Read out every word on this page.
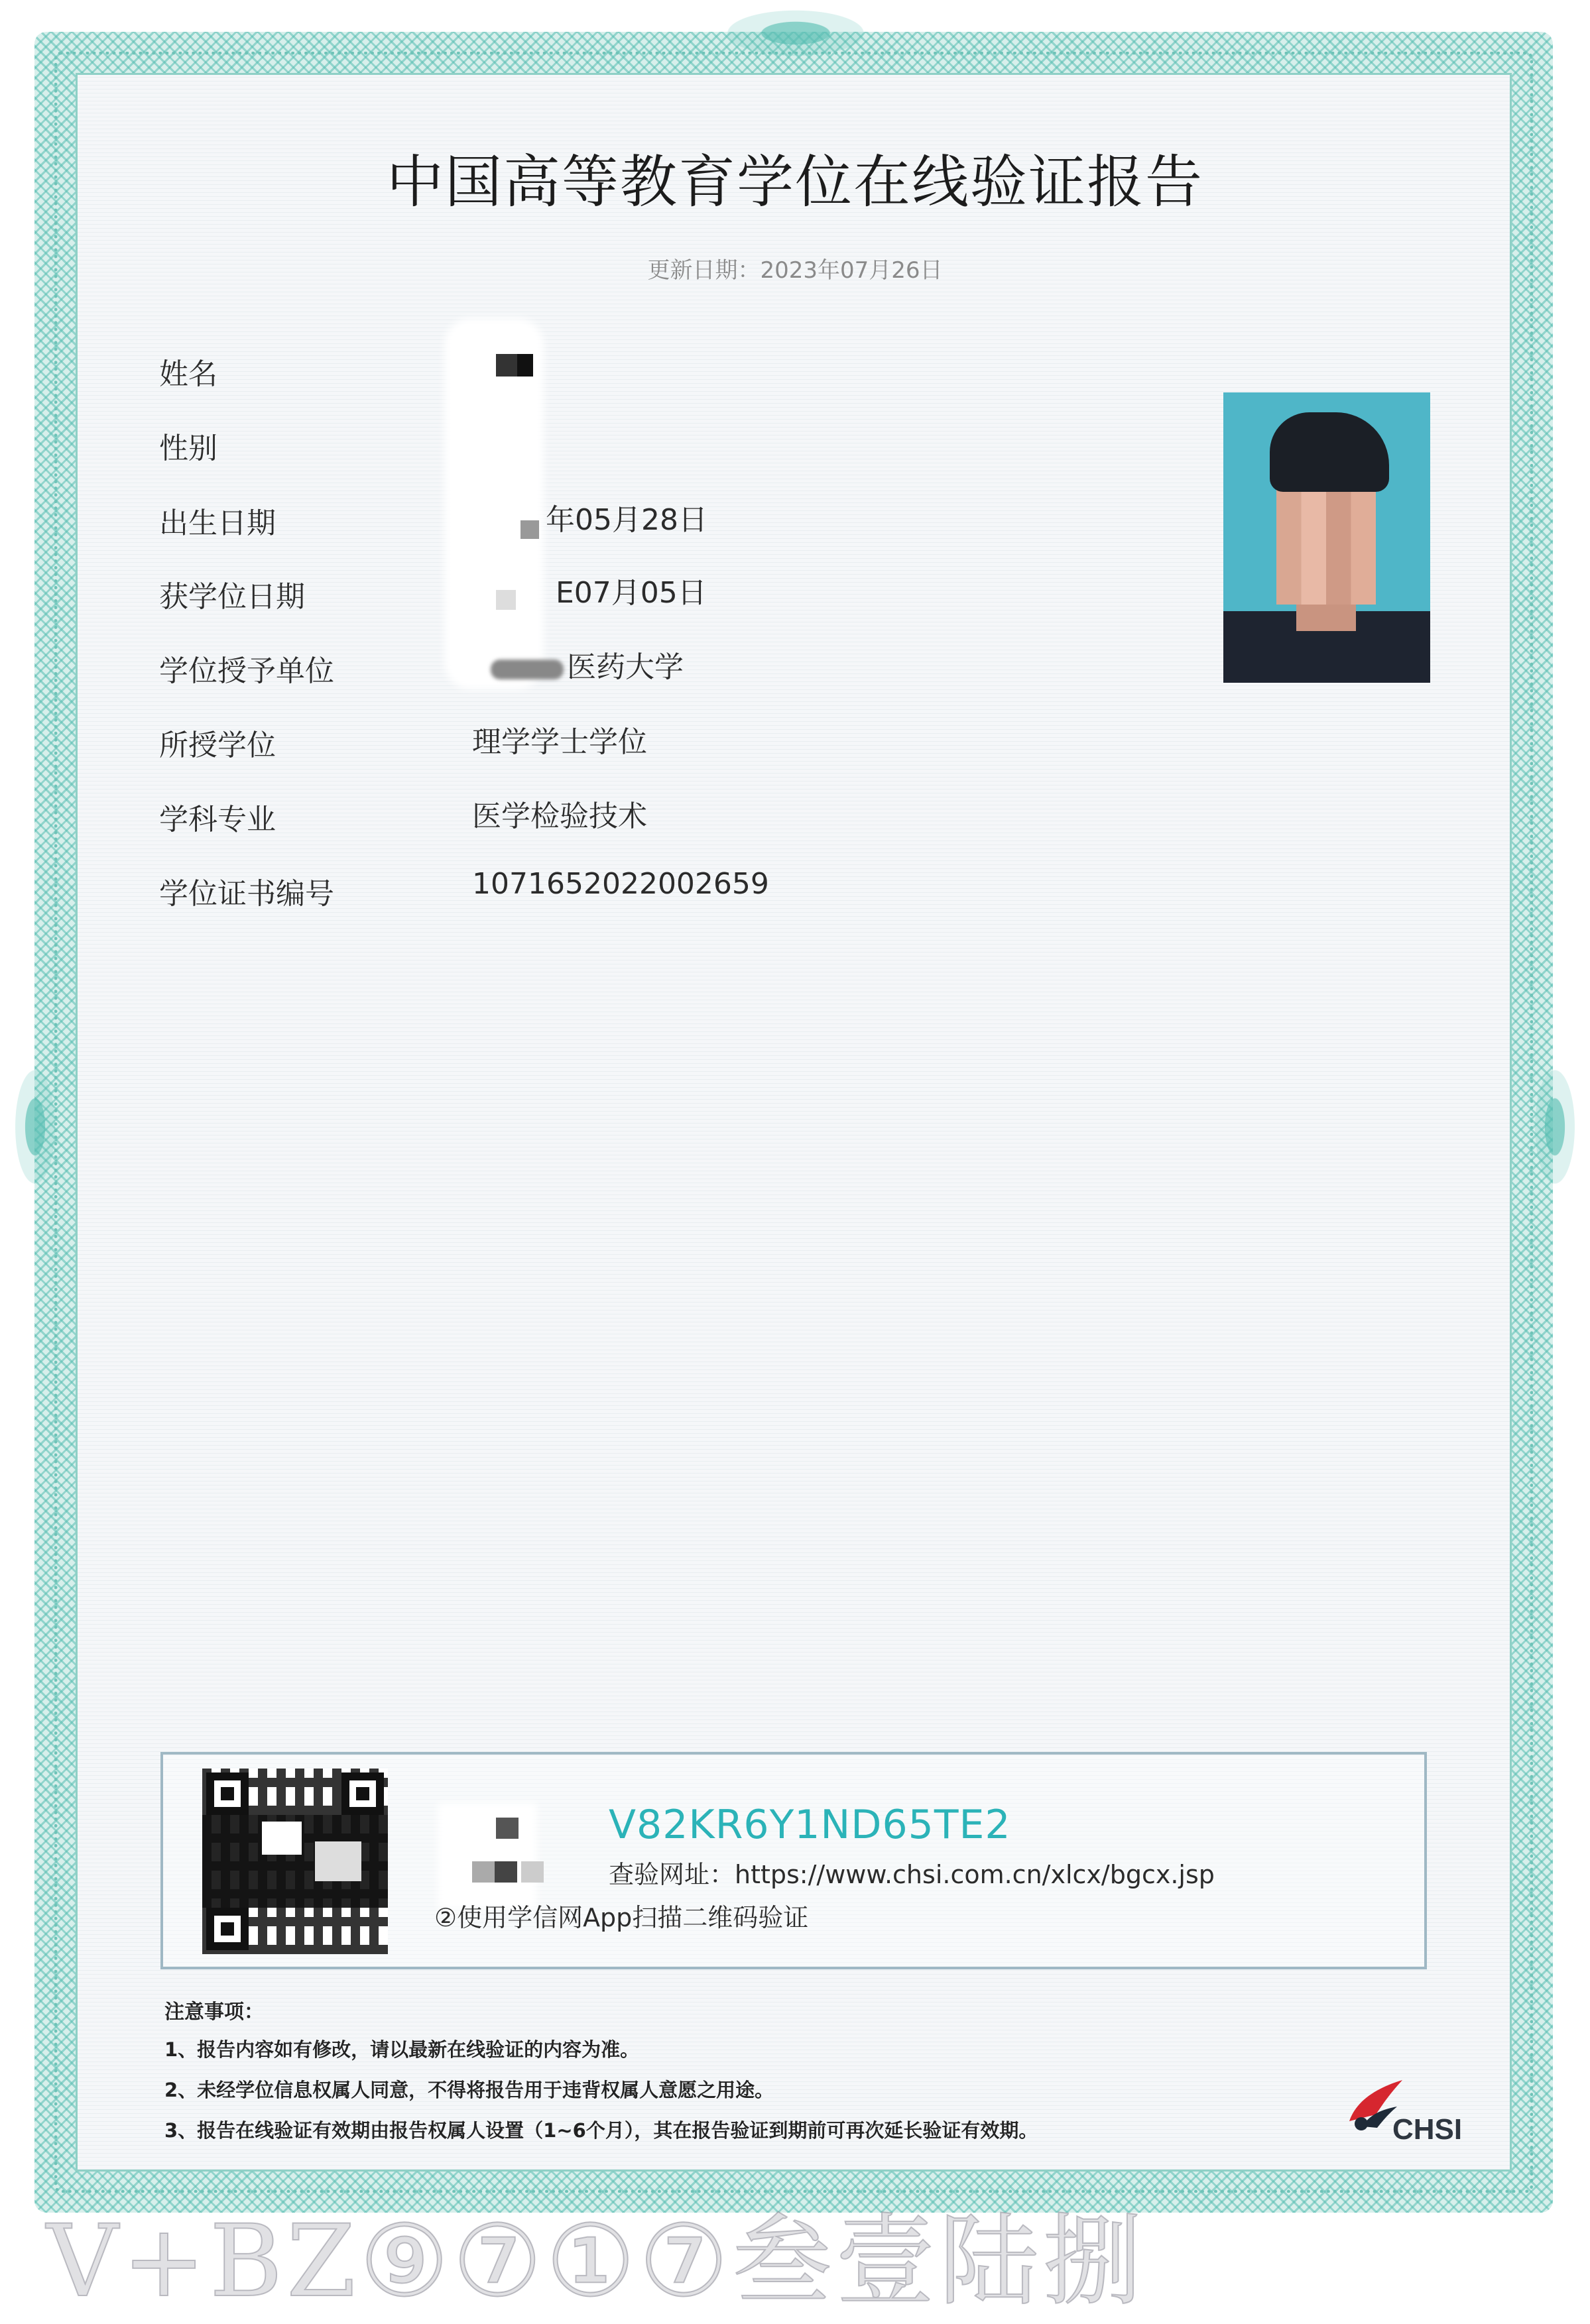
中国高等教育学位在线验证报告
更新日期：2023年07月26日
姓名
性别
出生日期
获学位日期
学位授予单位
所授学位
学科专业
学位证书编号
年05月28日
E07月05日
医药大学
理学学士学位
医学检验技术
1071652022002659
V82KR6Y1ND65TE2
查验网址：https://www.chsi.com.cn/xlcx/bgcx.jsp
②使用学信网App扫描二维码验证
注意事项：
1、报告内容如有修改，请以最新在线验证的内容为准。
2、未经学位信息权属人同意，不得将报告用于违背权属人意愿之用途。
3、报告在线验证有效期由报告权属人设置（1~6个月），其在报告验证到期前可再次延长验证有效期。	CHSI
V+BZ⑨⑦①⑦叁壹陆捌
